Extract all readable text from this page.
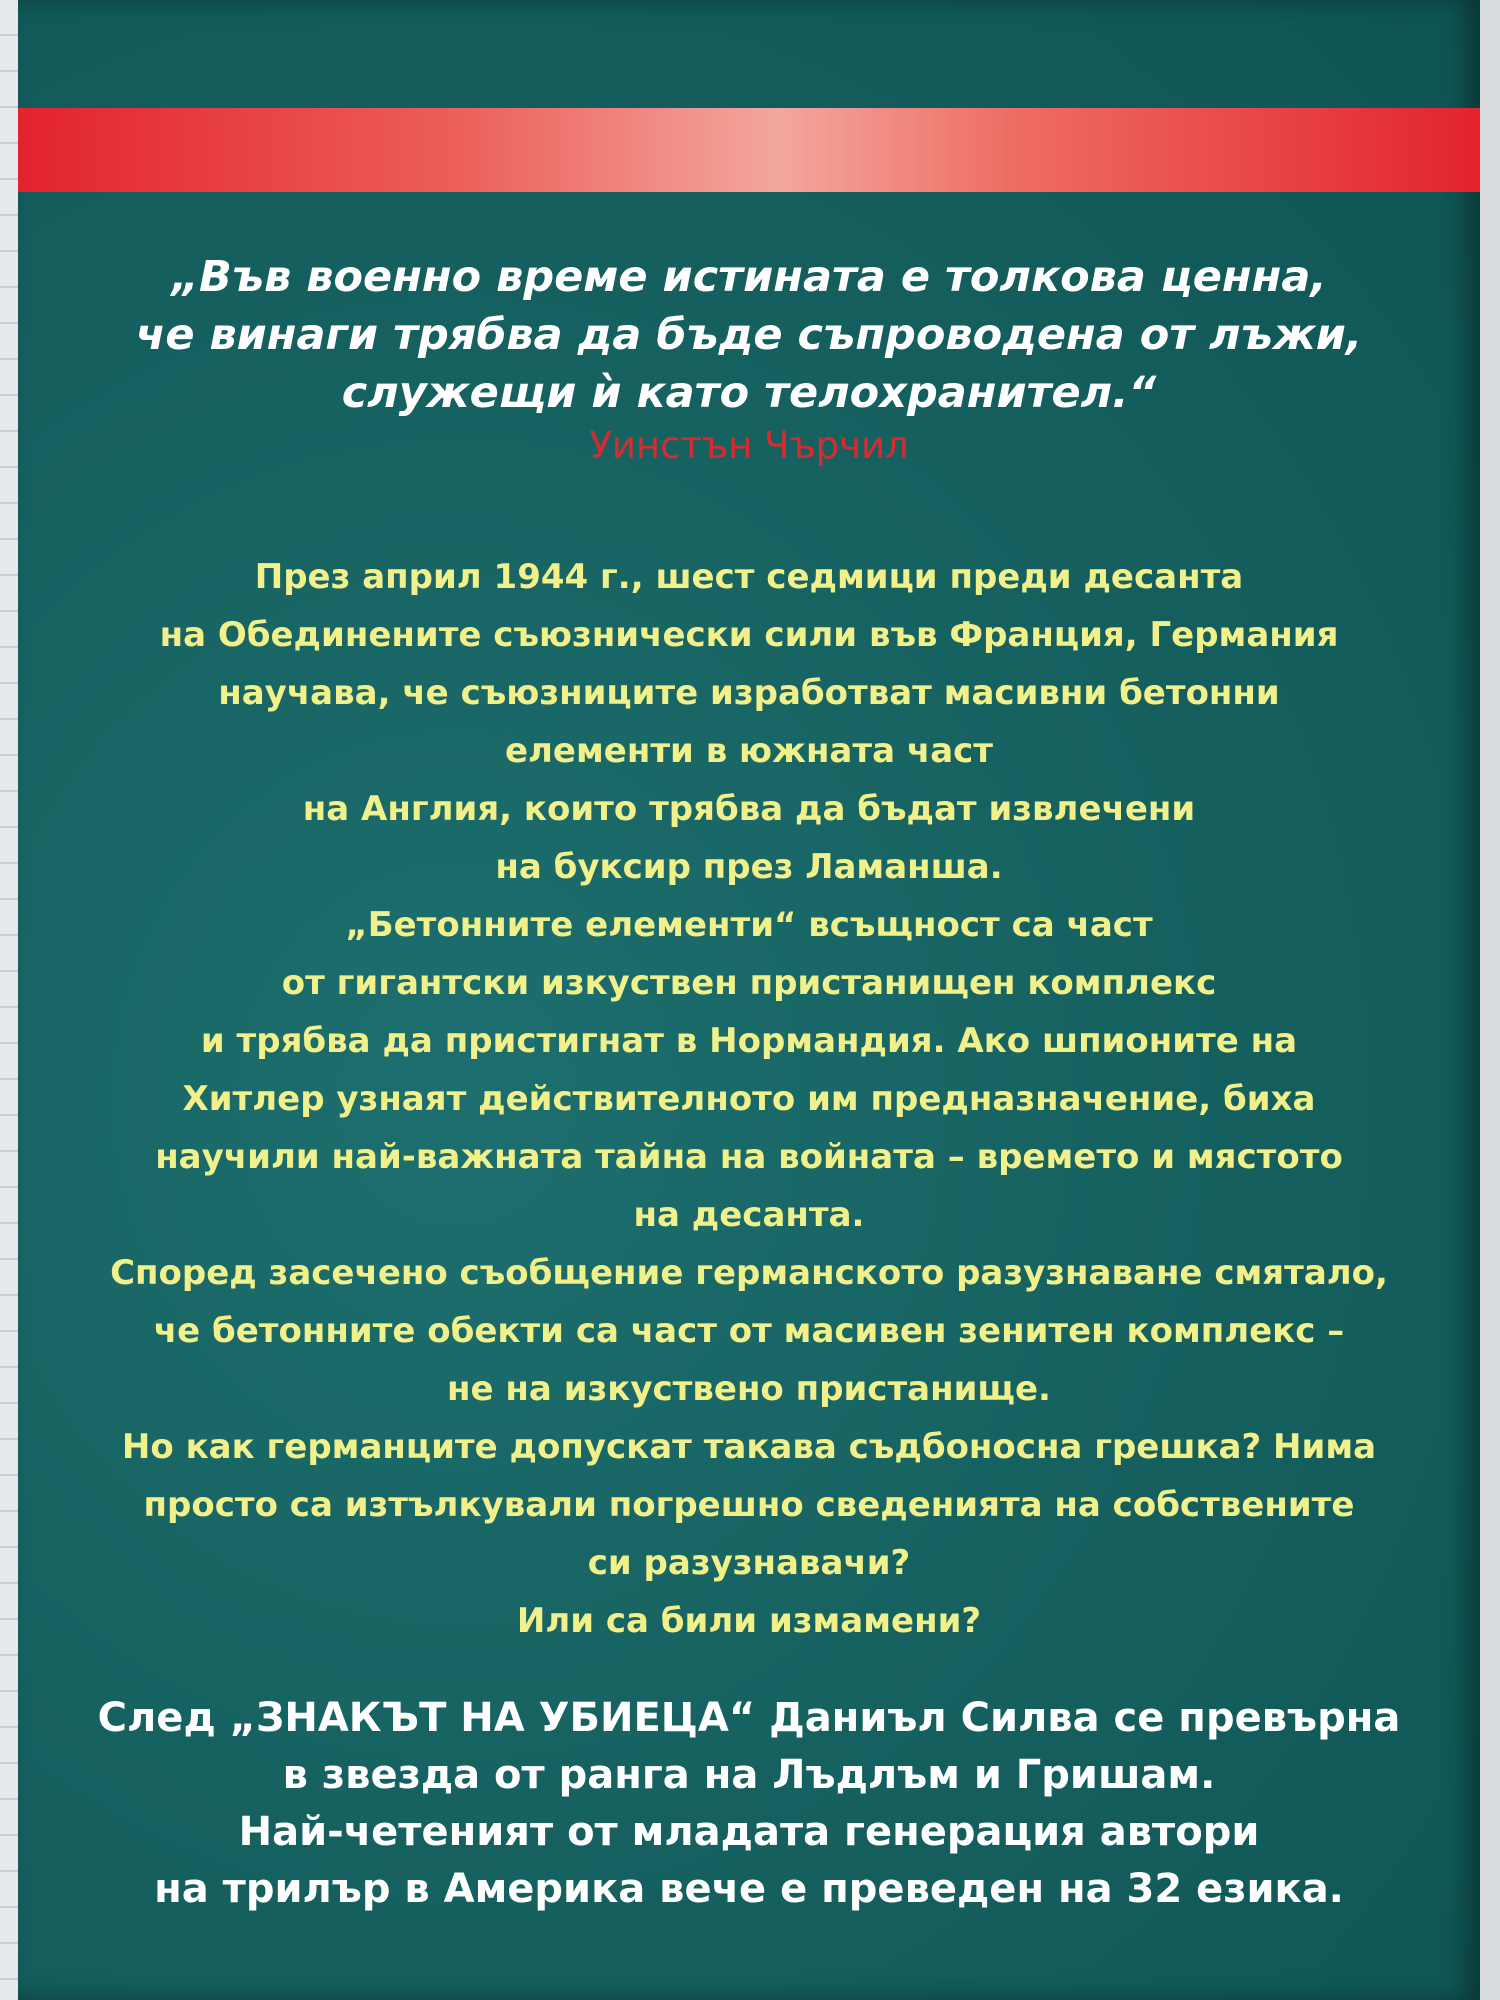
„Във военно време истината е толкова ценна,
че винаги трябва да бъде съпроводена от лъжи,
служещи ѝ като телохранител.“
Уинстън Чърчил
През април 1944 г., шест седмици преди десанта
на Обединените съюзнически сили във Франция, Германия
научава, че съюзниците изработват масивни бетонни
елементи в южната част
на Англия, които трябва да бъдат извлечени
на буксир през Ламанша.
„Бетонните елементи“ всъщност са част
от гигантски изкуствен пристанищен комплекс
и трябва да пристигнат в Нормандия. Ако шпионите на
Хитлер узнаят действителното им предназначение, биха
научили най-важната тайна на войната – времето и мястото
на десанта.
Според засечено съобщение германското разузнаване смятало,
че бетонните обекти са част от масивен зенитен комплекс –
не на изкуствено пристанище.
Но как германците допускат такава съдбоносна грешка? Нима
просто са изтълкували погрешно сведенията на собствените
си разузнавачи?
Или са били измамени?
След „ЗНАКЪТ НА УБИЕЦА“ Даниъл Силва се превърна
в звезда от ранга на Лъдлъм и Гришам.
Най-четеният от младата генерация автори
на трилър в Америка вече е преведен на 32 езика.
